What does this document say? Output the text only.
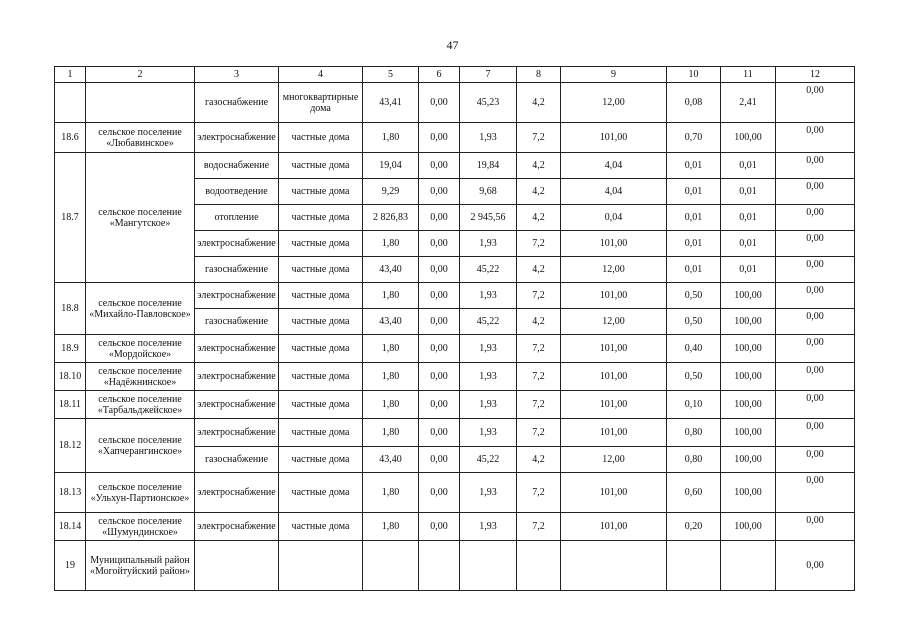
47
1	2	3	4	5	6	7	8	9	10	11	12
		газоснабжение	многоквартирные дома	43,41	0,00	45,23	4,2	12,00	0,08	2,41	0,00
18.6	сельское поселение «Любавинское»	электроснабжение	частные дома	1,80	0,00	1,93	7,2	101,00	0,70	100,00	0,00
18.7	сельское поселение «Мангутское»	водоснабжение	частные дома	19,04	0,00	19,84	4,2	4,04	0,01	0,01	0,00
		водоотведение	частные дома	9,29	0,00	9,68	4,2	4,04	0,01	0,01	0,00
		отопление	частные дома	2 826,83	0,00	2 945,56	4,2	0,04	0,01	0,01	0,00
		электроснабжение	частные дома	1,80	0,00	1,93	7,2	101,00	0,01	0,01	0,00
		газоснабжение	частные дома	43,40	0,00	45,22	4,2	12,00	0,01	0,01	0,00
18.8	сельское поселение «Михайло-Павловское»	электроснабжение	частные дома	1,80	0,00	1,93	7,2	101,00	0,50	100,00	0,00
		газоснабжение	частные дома	43,40	0,00	45,22	4,2	12,00	0,50	100,00	0,00
18.9	сельское поселение «Мордойское»	электроснабжение	частные дома	1,80	0,00	1,93	7,2	101,00	0,40	100,00	0,00
18.10	сельское поселение «Надёжнинское»	электроснабжение	частные дома	1,80	0,00	1,93	7,2	101,00	0,50	100,00	0,00
18.11	сельское поселение «Тарбальджейское»	электроснабжение	частные дома	1,80	0,00	1,93	7,2	101,00	0,10	100,00	0,00
18.12	сельское поселение «Хапчерангинское»	электроснабжение	частные дома	1,80	0,00	1,93	7,2	101,00	0,80	100,00	0,00
		газоснабжение	частные дома	43,40	0,00	45,22	4,2	12,00	0,80	100,00	0,00
18.13	сельское поселение «Ульхун-Партионское»	электроснабжение	частные дома	1,80	0,00	1,93	7,2	101,00	0,60	100,00	0,00
18.14	сельское поселение «Шумундинское»	электроснабжение	частные дома	1,80	0,00	1,93	7,2	101,00	0,20	100,00	0,00
19	Муниципальный район «Могойтуйский район»										0,00
